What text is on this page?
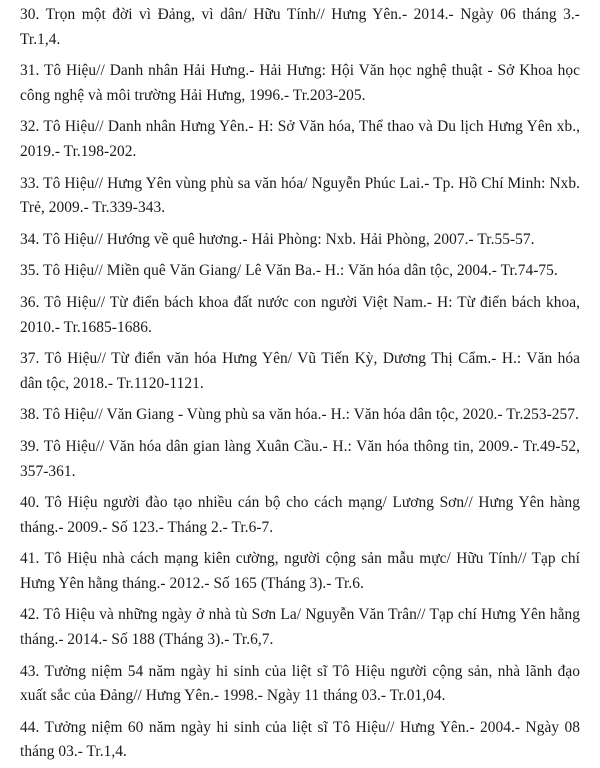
30. Trọn một đời vì Đảng, vì dân/ Hữu Tính// Hưng Yên.- 2014.- Ngày 06 tháng 3.- Tr.1,4.

31. Tô Hiệu// Danh nhân Hải Hưng.- Hải Hưng: Hội Văn học nghệ thuật - Sở Khoa học công nghệ và môi trường Hải Hưng, 1996.- Tr.203-205.

32. Tô Hiệu// Danh nhân Hưng Yên.- H: Sở Văn hóa, Thể thao và Du lịch Hưng Yên xb., 2019.- Tr.198-202.

33. Tô Hiệu// Hưng Yên vùng phù sa văn hóa/ Nguyễn Phúc Lai.- Tp. Hồ Chí Minh: Nxb. Trẻ, 2009.- Tr.339-343.

34. Tô Hiệu// Hướng về quê hương.- Hải Phòng: Nxb. Hải Phòng, 2007.- Tr.55-57.

35. Tô Hiệu// Miền quê Văn Giang/ Lê Văn Ba.- H.: Văn hóa dân tộc, 2004.- Tr.74-75.

36. Tô Hiệu// Từ điển bách khoa đất nước con người Việt Nam.- H: Từ điển bách khoa, 2010.- Tr.1685-1686.

37. Tô Hiệu// Từ điển văn hóa Hưng Yên/ Vũ Tiến Kỳ, Dương Thị Cẩm.- H.: Văn hóa dân tộc, 2018.- Tr.1120-1121.

38. Tô Hiệu// Văn Giang - Vùng phù sa văn hóa.- H.: Văn hóa dân tộc, 2020.- Tr.253-257.

39. Tô Hiệu// Văn hóa dân gian làng Xuân Cầu.- H.: Văn hóa thông tin, 2009.- Tr.49-52, 357-361.

40. Tô Hiệu người đào tạo nhiều cán bộ cho cách mạng/ Lương Sơn// Hưng Yên hàng tháng.- 2009.- Số 123.- Tháng 2.- Tr.6-7.

41. Tô Hiệu nhà cách mạng kiên cường, người cộng sản mẫu mực/ Hữu Tính// Tạp chí Hưng Yên hằng tháng.- 2012.- Số 165 (Tháng 3).- Tr.6.

42. Tô Hiệu và những ngày ở nhà tù Sơn La/ Nguyễn Văn Trân// Tạp chí Hưng Yên hằng tháng.- 2014.- Số 188 (Tháng 3).- Tr.6,7.

43. Tưởng niệm 54 năm ngày hi sinh của liệt sĩ Tô Hiệu người cộng sản, nhà lãnh đạo xuất sắc của Đảng// Hưng Yên.- 1998.- Ngày 11 tháng 03.- Tr.01,04.

44. Tưởng niệm 60 năm ngày hi sinh của liệt sĩ Tô Hiệu// Hưng Yên.- 2004.- Ngày 08 tháng 03.- Tr.1,4.
